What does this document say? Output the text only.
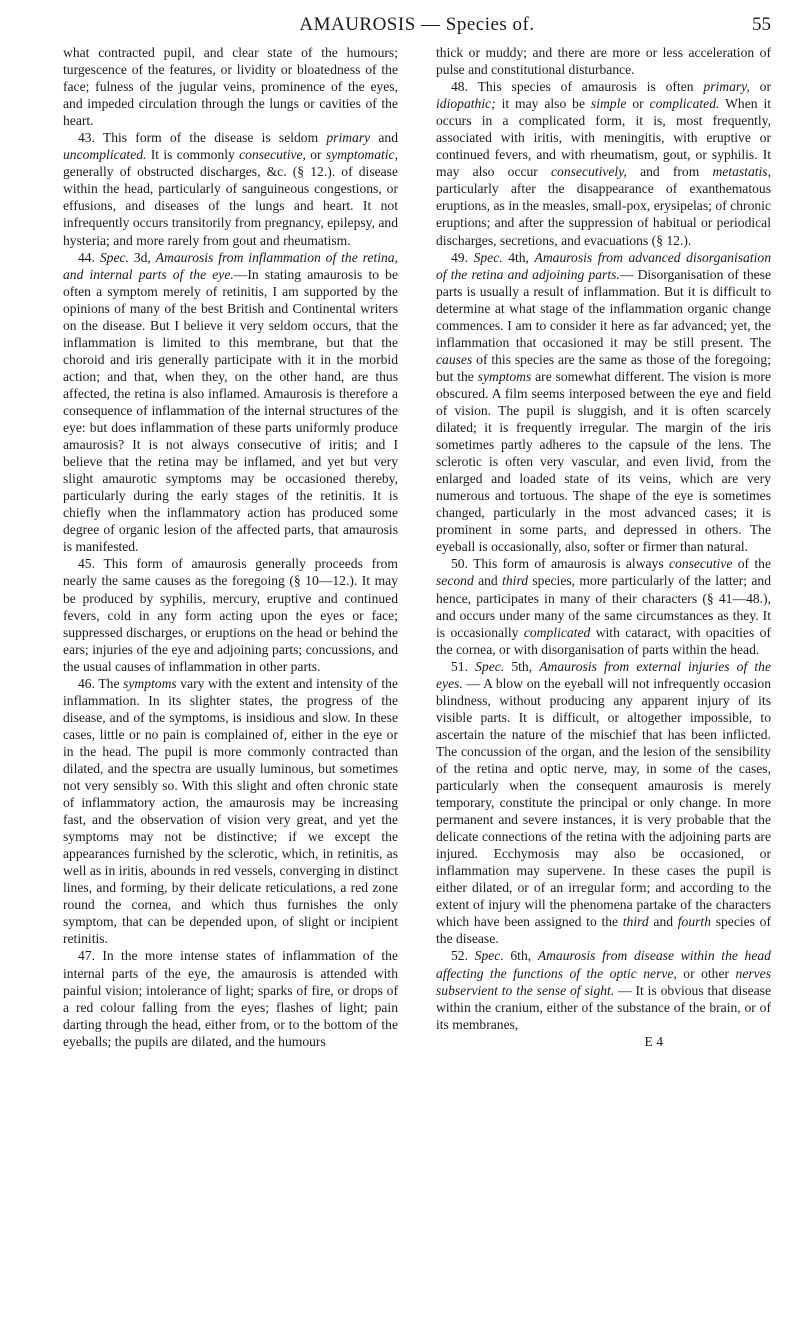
AMAUROSIS — Species of.	55

what contracted pupil, and clear state of the humours; turgescence of the features, or lividity or bloatedness of the face; fulness of the jugular veins, prominence of the eyes, and impeded circulation through the lungs or cavities of the heart.

43. This form of the disease is seldom primary and uncomplicated. It is commonly consecutive, or symptomatic, generally of obstructed discharges, &c. (§ 12.). of disease within the head, particularly of sanguineous congestions, or effusions, and diseases of the lungs and heart. It not infrequently occurs transitorily from pregnancy, epilepsy, and hysteria; and more rarely from gout and rheumatism.

44. Spec. 3d, Amaurosis from inflammation of the retina, and internal parts of the eye.—In stating amaurosis to be often a symptom merely of retinitis, I am supported by the opinions of many of the best British and Continental writers on the disease. But I believe it very seldom occurs, that the inflammation is limited to this membrane, but that the choroid and iris generally participate with it in the morbid action; and that, when they, on the other hand, are thus affected, the retina is also inflamed. Amaurosis is therefore a consequence of inflammation of the internal structures of the eye: but does inflammation of these parts uniformly produce amaurosis? It is not always consecutive of iritis; and I believe that the retina may be inflamed, and yet but very slight amaurotic symptoms may be occasioned thereby, particularly during the early stages of the retinitis. It is chiefly when the inflammatory action has produced some degree of organic lesion of the affected parts, that amaurosis is manifested.

45. This form of amaurosis generally proceeds from nearly the same causes as the foregoing (§ 10—12.). It may be produced by syphilis, mercury, eruptive and continued fevers, cold in any form acting upon the eyes or face; suppressed discharges, or eruptions on the head or behind the ears; injuries of the eye and adjoining parts; concussions, and the usual causes of inflammation in other parts.

46. The symptoms vary with the extent and intensity of the inflammation. In its slighter states, the progress of the disease, and of the symptoms, is insidious and slow. In these cases, little or no pain is complained of, either in the eye or in the head. The pupil is more commonly contracted than dilated, and the spectra are usually luminous, but sometimes not very sensibly so. With this slight and often chronic state of inflammatory action, the amaurosis may be increasing fast, and the observation of vision very great, and yet the symptoms may not be distinctive; if we except the appearances furnished by the sclerotic, which, in retinitis, as well as in iritis, abounds in red vessels, converging in distinct lines, and forming, by their delicate reticulations, a red zone round the cornea, and which thus furnishes the only symptom, that can be depended upon, of slight or incipient retinitis.

47. In the more intense states of inflammation of the internal parts of the eye, the amaurosis is attended with painful vision; intolerance of light; sparks of fire, or drops of a red colour falling from the eyes; flashes of light; pain darting through the head, either from, or to the bottom of the eyeballs; the pupils are dilated, and the humours

thick or muddy; and there are more or less acceleration of pulse and constitutional disturbance.

48. This species of amaurosis is often primary, or idiopathic; it may also be simple or complicated. When it occurs in a complicated form, it is, most frequently, associated with iritis, with meningitis, with eruptive or continued fevers, and with rheumatism, gout, or syphilis. It may also occur consecutively, and from metastatis, particularly after the disappearance of exanthematous eruptions, as in the measles, small-pox, erysipelas; of chronic eruptions; and after the suppression of habitual or periodical discharges, secretions, and evacuations (§ 12.).

49. Spec. 4th, Amaurosis from advanced disorganisation of the retina and adjoining parts.— Disorganisation of these parts is usually a result of inflammation. But it is difficult to determine at what stage of the inflammation organic change commences. I am to consider it here as far advanced; yet, the inflammation that occasioned it may be still present. The causes of this species are the same as those of the foregoing; but the symptoms are somewhat different. The vision is more obscured. A film seems interposed between the eye and field of vision. The pupil is sluggish, and it is often scarcely dilated; it is frequently irregular. The margin of the iris sometimes partly adheres to the capsule of the lens. The sclerotic is often very vascular, and even livid, from the enlarged and loaded state of its veins, which are very numerous and tortuous. The shape of the eye is sometimes changed, particularly in the most advanced cases; it is prominent in some parts, and depressed in others. The eyeball is occasionally, also, softer or firmer than natural.

50. This form of amaurosis is always consecutive of the second and third species, more particularly of the latter; and hence, participates in many of their characters (§ 41—48.), and occurs under many of the same circumstances as they. It is occasionally complicated with cataract, with opacities of the cornea, or with disorganisation of parts within the head.

51. Spec. 5th, Amaurosis from external injuries of the eyes. — A blow on the eyeball will not infrequently occasion blindness, without producing any apparent injury of its visible parts. It is difficult, or altogether impossible, to ascertain the nature of the mischief that has been inflicted. The concussion of the organ, and the lesion of the sensibility of the retina and optic nerve, may, in some of the cases, particularly when the consequent amaurosis is merely temporary, constitute the principal or only change. In more permanent and severe instances, it is very probable that the delicate connections of the retina with the adjoining parts are injured. Ecchymosis may also be occasioned, or inflammation may supervene. In these cases the pupil is either dilated, or of an irregular form; and according to the extent of injury will the phenomena partake of the characters which have been assigned to the third and fourth species of the disease.

52. Spec. 6th, Amaurosis from disease within the head affecting the functions of the optic nerve, or other nerves subservient to the sense of sight. — It is obvious that disease within the cranium, either of the substance of the brain, or of its membranes,

E 4
